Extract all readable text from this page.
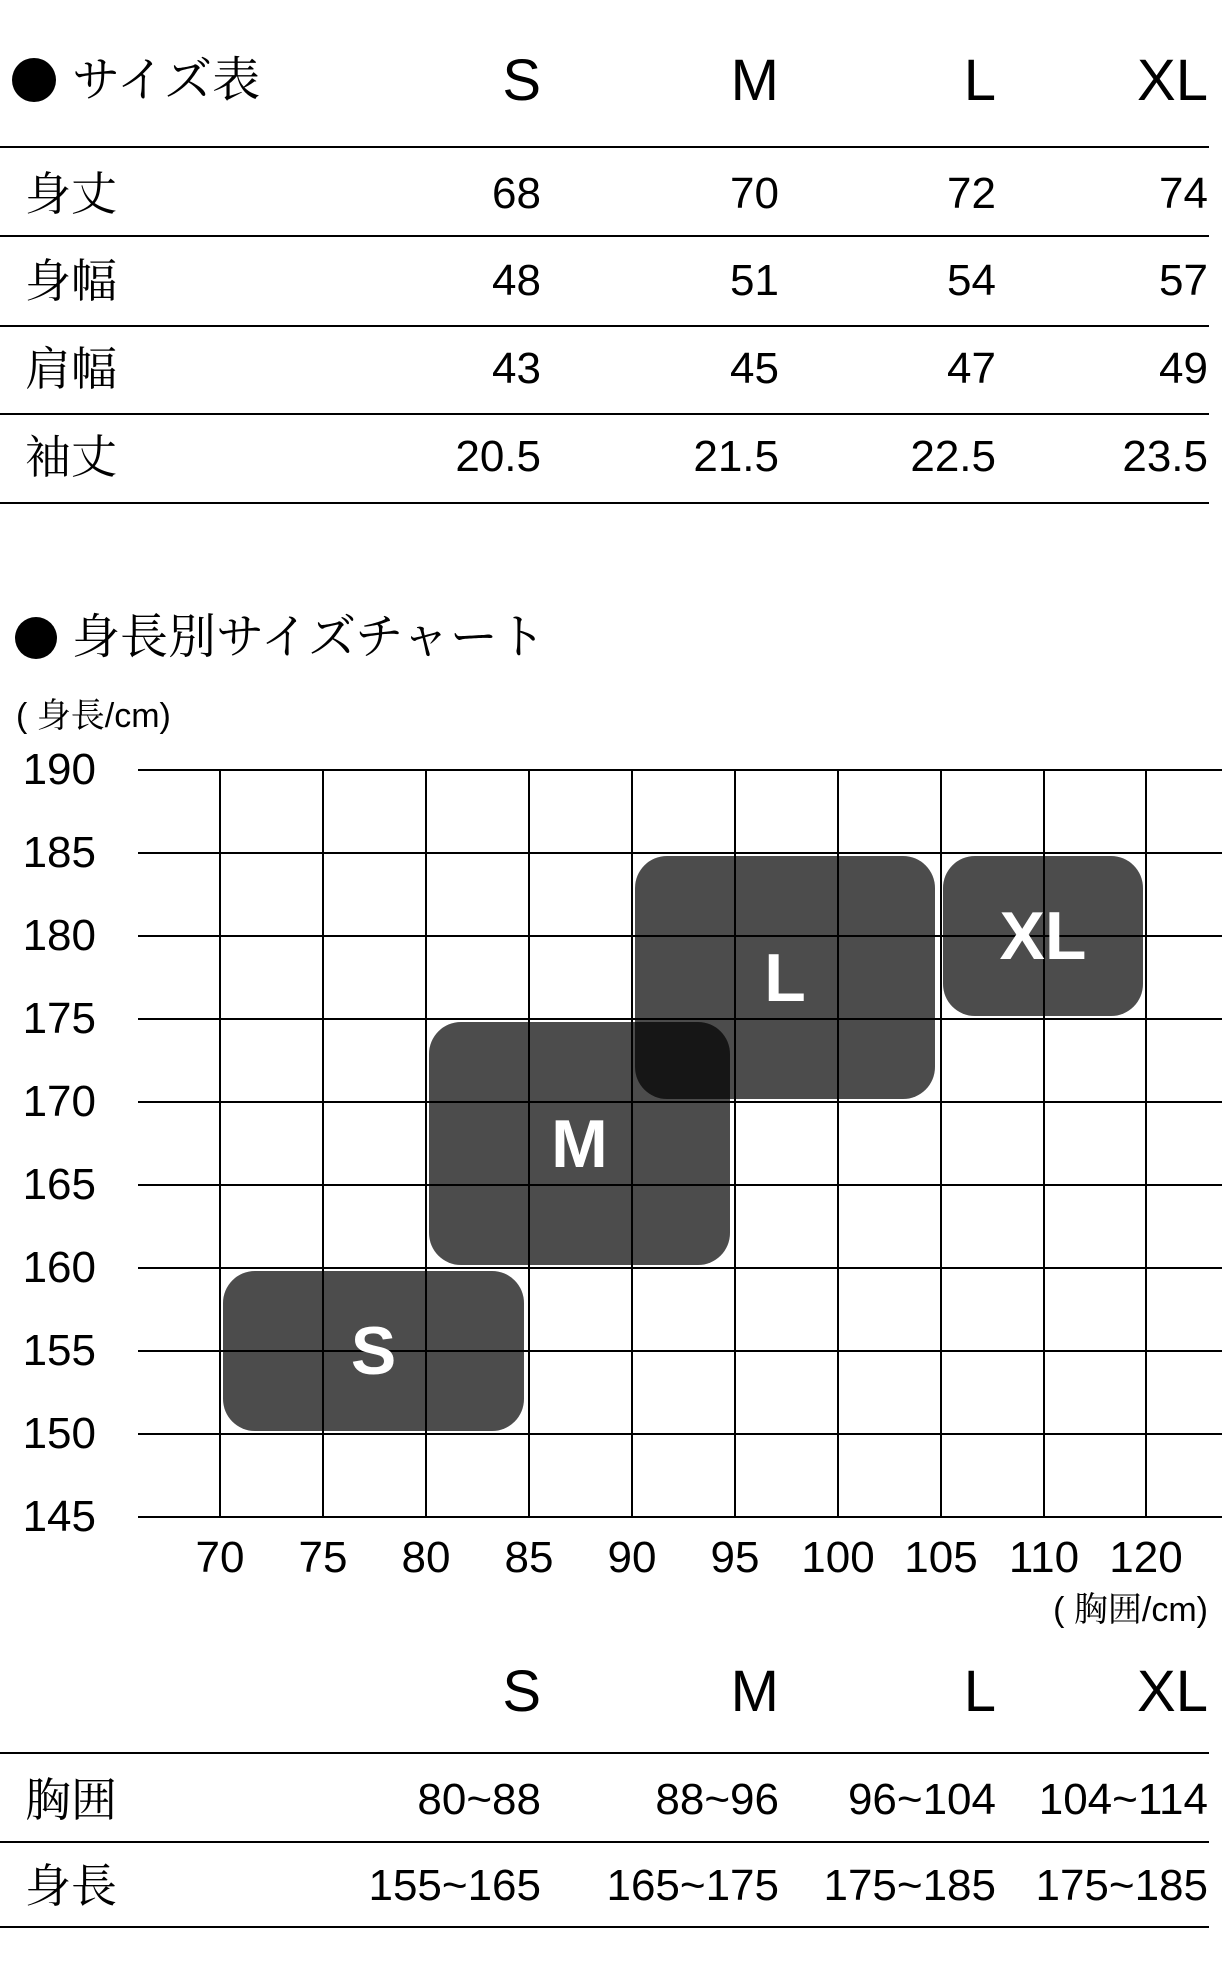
サイズ表	S	M	L XL
身丈	68	70	72	74
身幅	48	51	54	57
肩幅	43	45	47	49
袖丈	20.5	21.5	22.5	23.5
身長別サイズチャート
( 身長/cm)
190
185
180
175
170
165
160
155
150
145
S
M
L
XL
70	75	80	85	90	95 100 105 110 120
( 胸囲/cm)
S	M	L XL
胸囲	80~88	88~96 96~104 104~114
身長	155~165 165~175 175~185 175~185
